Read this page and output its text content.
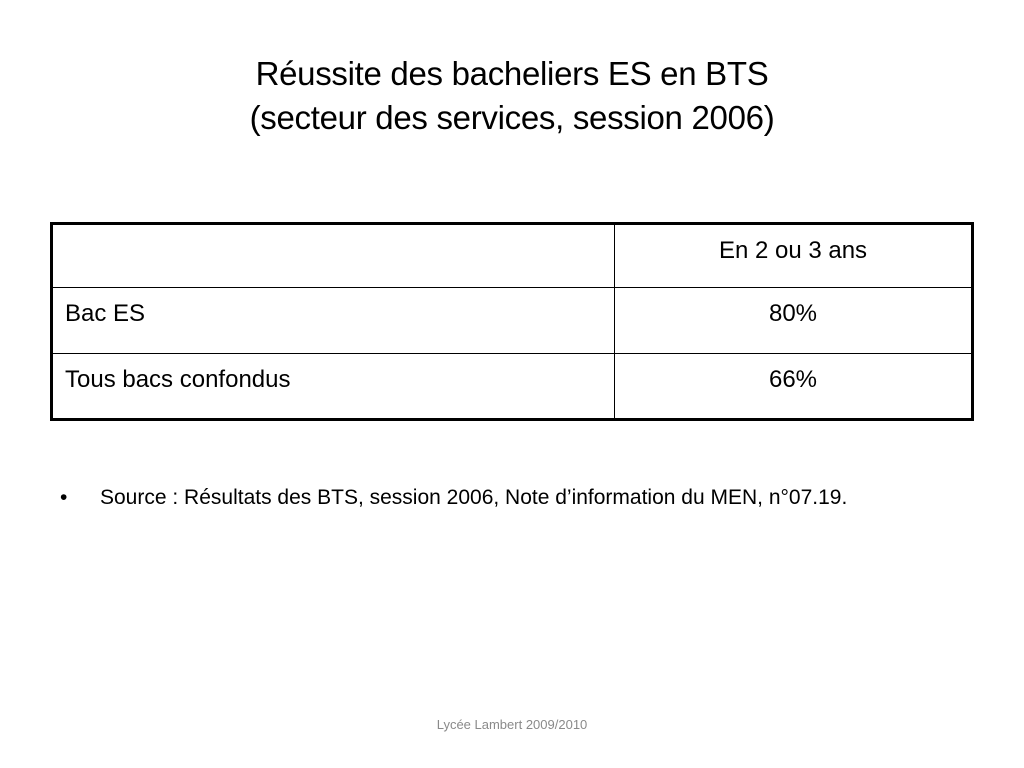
Réussite des bacheliers ES en BTS
(secteur des services, session 2006)
	En 2 ou 3 ans
Bac ES	80%
Tous bacs confondus	66%
• Source : Résultats des BTS, session 2006, Note d’information du MEN, n°07.19.
Lycée Lambert 2009/2010
